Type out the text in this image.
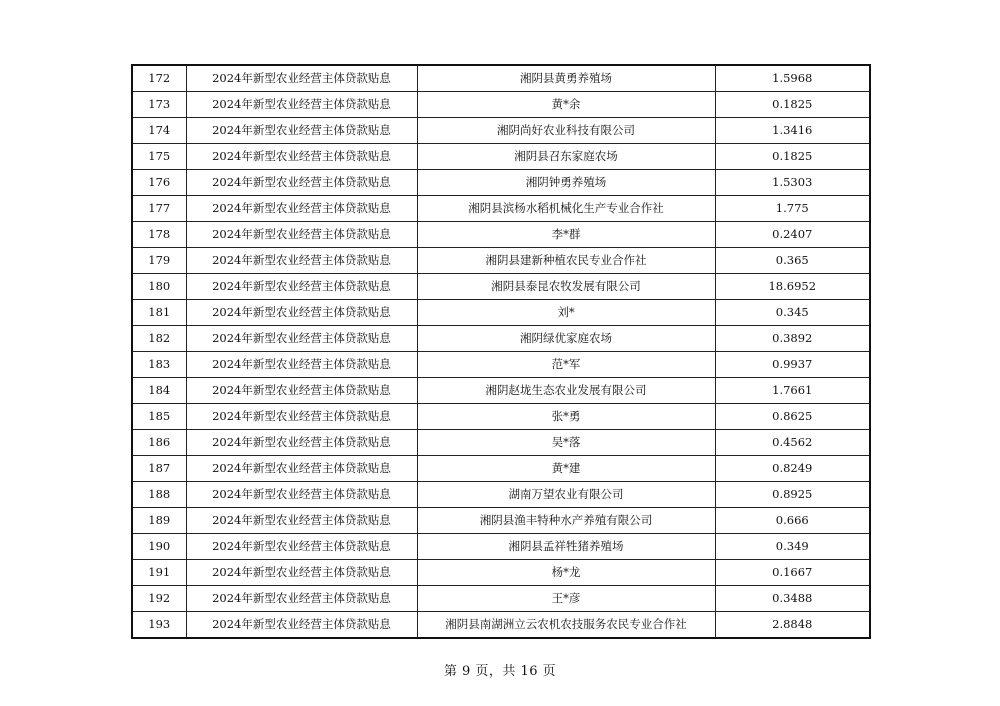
172	2024年新型农业经营主体贷款贴息	湘阴县黄勇养殖场	1.5968
173	2024年新型农业经营主体贷款贴息	黄*余	0.1825
174	2024年新型农业经营主体贷款贴息	湘阴尚好农业科技有限公司	1.3416
175	2024年新型农业经营主体贷款贴息	湘阴县召东家庭农场	0.1825
176	2024年新型农业经营主体贷款贴息	湘阴钟勇养殖场	1.5303
177	2024年新型农业经营主体贷款贴息	湘阴县滨杨水稻机械化生产专业合作社	1.775
178	2024年新型农业经营主体贷款贴息	李*群	0.2407
179	2024年新型农业经营主体贷款贴息	湘阴县建新种植农民专业合作社	0.365
180	2024年新型农业经营主体贷款贴息	湘阴县泰昆农牧发展有限公司	18.6952
181	2024年新型农业经营主体贷款贴息	刘*	0.345
182	2024年新型农业经营主体贷款贴息	湘阴绿优家庭农场	0.3892
183	2024年新型农业经营主体贷款贴息	范*军	0.9937
184	2024年新型农业经营主体贷款贴息	湘阴赵垅生态农业发展有限公司	1.7661
185	2024年新型农业经营主体贷款贴息	张*勇	0.8625
186	2024年新型农业经营主体贷款贴息	吴*落	0.4562
187	2024年新型农业经营主体贷款贴息	黄*建	0.8249
188	2024年新型农业经营主体贷款贴息	湖南万望农业有限公司	0.8925
189	2024年新型农业经营主体贷款贴息	湘阴县渔丰特种水产养殖有限公司	0.666
190	2024年新型农业经营主体贷款贴息	湘阴县孟祥牲猪养殖场	0.349
191	2024年新型农业经营主体贷款贴息	杨*龙	0.1667
192	2024年新型农业经营主体贷款贴息	王*彦	0.3488
193	2024年新型农业经营主体贷款贴息	湘阴县南湖洲立云农机农技服务农民专业合作社	2.8848
第 9 页，共 16 页
